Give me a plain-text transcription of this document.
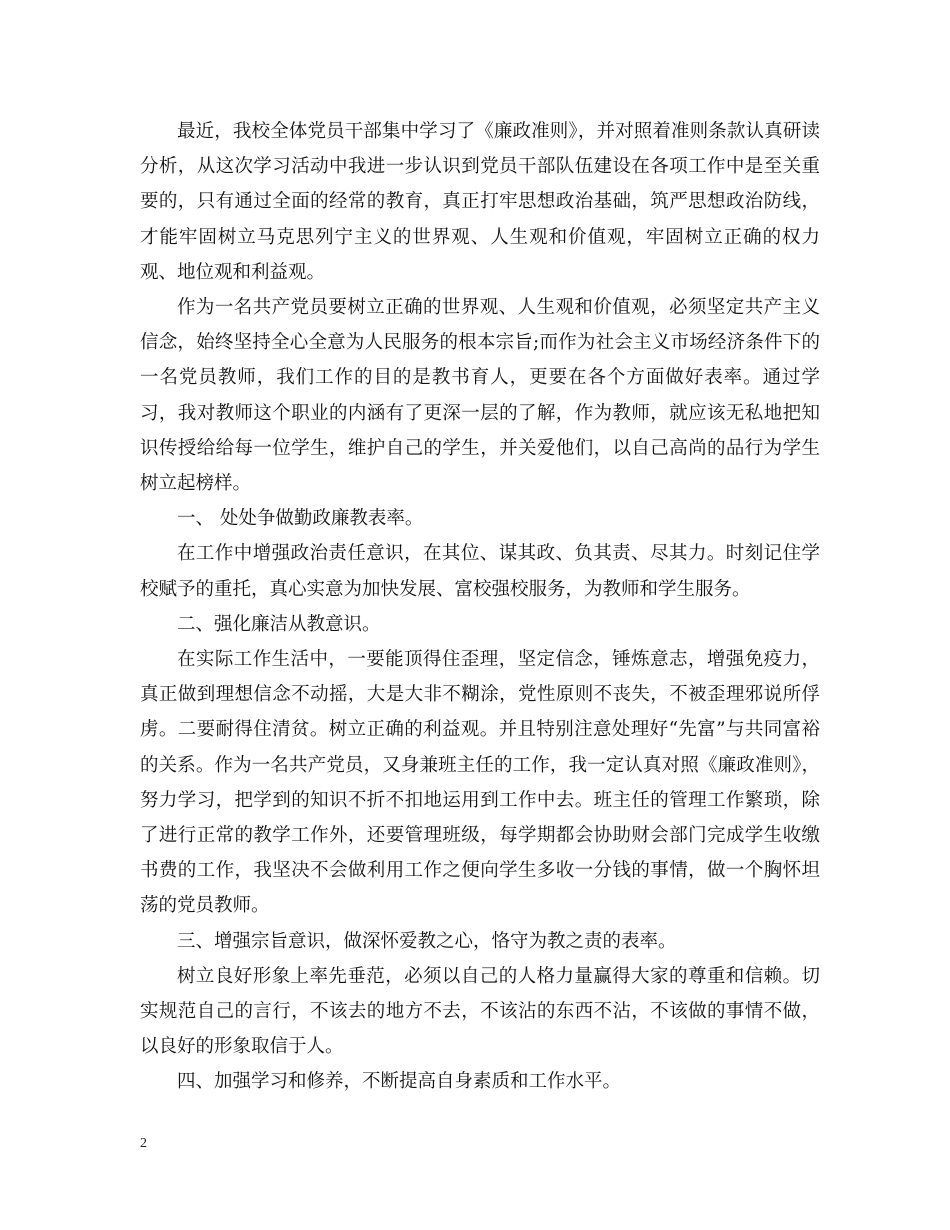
最近，我校全体党员干部集中学习了《廉政准则》，并对照着准则条款认真研读分析，从这次学习活动中我进一步认识到党员干部队伍建设在各项工作中是至关重要的，只有通过全面的经常的教育，真正打牢思想政治基础，筑严思想政治防线，才能牢固树立马克思列宁主义的世界观、人生观和价值观，牢固树立正确的权力观、地位观和利益观。

作为一名共产党员要树立正确的世界观、人生观和价值观，必须坚定共产主义信念，始终坚持全心全意为人民服务的根本宗旨;而作为社会主义市场经济条件下的一名党员教师，我们工作的目的是教书育人，更要在各个方面做好表率。通过学习，我对教师这个职业的内涵有了更深一层的了解，作为教师，就应该无私地把知识传授给给每一位学生，维护自己的学生，并关爱他们，以自己高尚的品行为学生树立起榜样。

一、 处处争做勤政廉教表率。

在工作中增强政治责任意识，在其位、谋其政、负其责、尽其力。时刻记住学校赋予的重托，真心实意为加快发展、富校强校服务，为教师和学生服务。

二、强化廉洁从教意识。

在实际工作生活中，一要能顶得住歪理，坚定信念，锤炼意志，增强免疫力，真正做到理想信念不动摇，大是大非不糊涂，党性原则不丧失，不被歪理邪说所俘虏。二要耐得住清贫。树立正确的利益观。并且特别注意处理好“先富”与共同富裕的关系。作为一名共产党员，又身兼班主任的工作，我一定认真对照《廉政准则》，努力学习，把学到的知识不折不扣地运用到工作中去。班主任的管理工作繁琐，除了进行正常的教学工作外，还要管理班级，每学期都会协助财会部门完成学生收缴书费的工作，我坚决不会做利用工作之便向学生多收一分钱的事情，做一个胸怀坦荡的党员教师。

三、增强宗旨意识，做深怀爱教之心，恪守为教之责的表率。

树立良好形象上率先垂范，必须以自己的人格力量赢得大家的尊重和信赖。切实规范自己的言行，不该去的地方不去，不该沾的东西不沾，不该做的事情不做，以良好的形象取信于人。

四、加强学习和修养，不断提高自身素质和工作水平。

2
